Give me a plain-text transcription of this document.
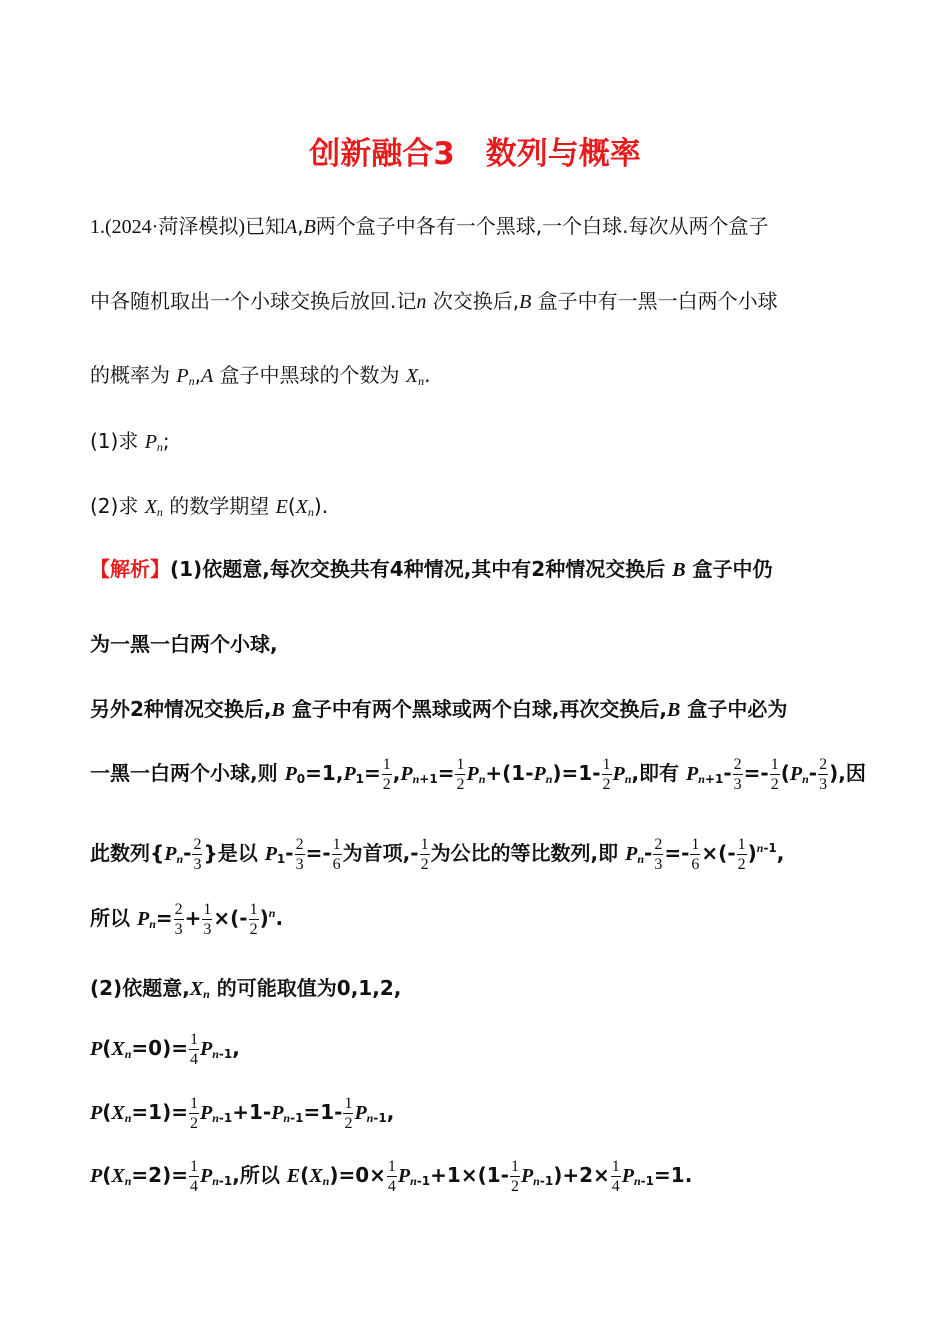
创新融合3　数列与概率
1.(2024·菏泽模拟)已知A,B两个盒子中各有一个黑球,一个白球.每次从两个盒子
中各随机取出一个小球交换后放回.记n 次交换后,B 盒子中有一黑一白两个小球
的概率为 $P_n,A$ 盒子中黑球的个数为 $X_n$.
(1)求 $P_n$;
(2)求 $X_n$ 的数学期望 $E(X_n)$.
【解析】(1)依题意,每次交换共有4种情况,其中有2种情况交换后 B 盒子中仍
为一黑一白两个小球,
另外2种情况交换后,B 盒子中有两个黑球或两个白球,再次交换后,B 盒子中必为
一黑一白两个小球,则 $P_0=1,P_1= \frac{1}{2} ,P_{n+1}= \frac{1}{2} P_n+(1-P_n)=1- \frac{1}{2} P_n$,即有 $P_{n+1}- \frac{2}{3} =- \frac{1}{2} (P_n- \frac{2}{3}$ ),因
此数列{$P_n- \frac{2}{3}$ }是以 $P_1- \frac{2}{3} =- \frac{1}{6}$ 为首项,- $\frac{1}{2}$ 为公比的等比数列,即 $P_n- \frac{2}{3} =- \frac{1}{6}$ ×(- $\frac{1}{2} )^{n-1}$,
所以 $P_n= \frac{2}{3} + \frac{1}{3}$ ×(- $\frac{1}{2} )^n$.
(2)依题意$,X_n$ 的可能取值为0,1,2,
$P(X_n=0)= \frac{1}{4} P_{n-1}$,
$P(X_n=1)= \frac{1}{2} P_{n-1}+1-P_{n-1}=1- \frac{1}{2} P_{n-1}$,
$P(X_n=2)= \frac{1}{4} P_{n-1}$,所以 $E(X_n)=0\times \frac{1}{4} P_{n-1}+1\times(1- \frac{1}{2} P_{n-1})+2\times \frac{1}{4} P_{n-1}=1$.
